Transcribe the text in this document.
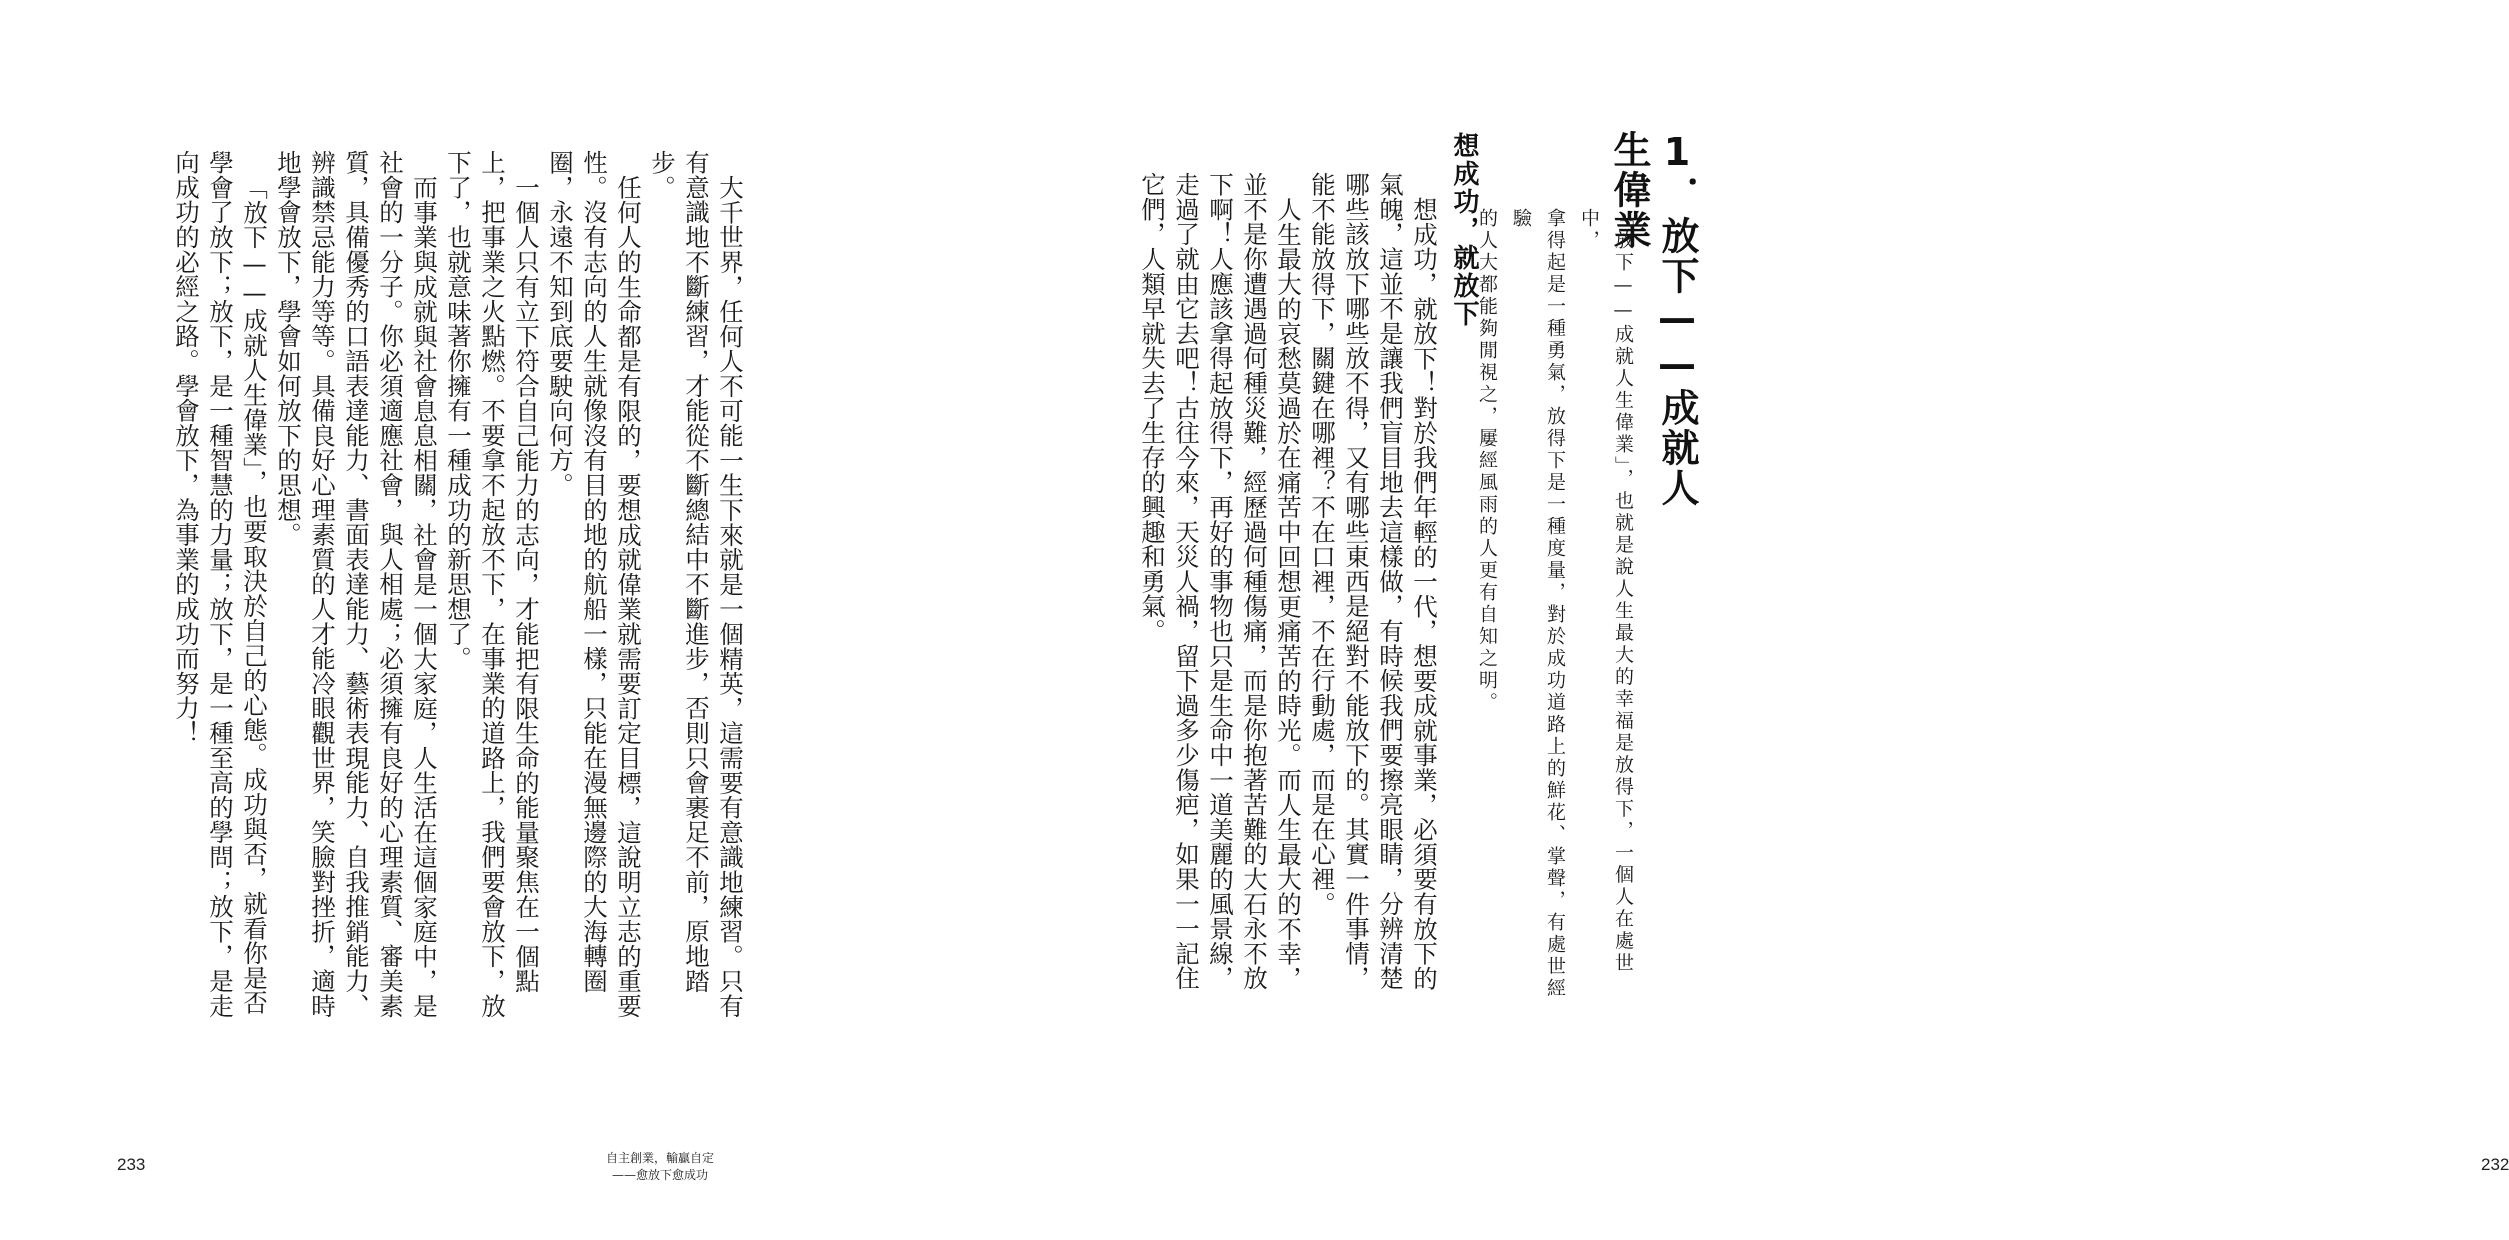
大千世界，任何人不可能一生下來就是一個精英，這需要有意識地練習。只有有意識地不斷練習，才能從不斷總結中不斷進步，否則只會裹足不前，原地踏步。

任何人的生命都是有限的，要想成就偉業就需要訂定目標，這說明立志的重要性。沒有志向的人生就像沒有目的地的航船一樣，只能在漫無邊際的大海轉圈圈，永遠不知到底要駛向何方。

一個人只有立下符合自己能力的志向，才能把有限生命的能量聚焦在一個點上，把事業之火點燃。不要拿不起放不下，在事業的道路上，我們要會放下，放下了，也就意味著你擁有一種成功的新思想了。

而事業與成就與社會息息相關，社會是一個大家庭，人生活在這個家庭中，是社會的一分子。你必須適應社會，與人相處；必須擁有良好的心理素質、審美素質，具備優秀的口語表達能力、書面表達能力、藝術表現能力、自我推銷能力、辨識禁忌能力等等。具備良好心理素質的人才能冷眼觀世界，笑臉對挫折，適時地學會放下，學會如何放下的思想。

「放下——成就人生偉業」，也要取決於自己的心態。成功與否，就看你是否學會了放下；放下，是一種智慧的力量；放下，是一種至高的學問；放下，是走向成功的必經之路。學會放下，為事業的成功而努力！

233	自主創業，輸贏自定
——愈放下愈成功
1．放下——成就人生偉業

「放下——成就人生偉業」，也就是說人生最大的幸福是放得下，一個人在處世中，

拿得起是一種勇氣，放得下是一種度量，對於成功道路上的鮮花、掌聲，有處世經驗

的人大都能夠閒視之，屢經風雨的人更有自知之明。

想成功，就放下

想成功，就放下！對於我們年輕的一代，想要成就事業，必須要有放下的氣魄，這並不是讓我們盲目地去這樣做，有時候我們要擦亮眼睛，分辨清楚哪些該放下哪些放不得，又有哪些東西是絕對不能放下的。其實一件事情，能不能放得下，關鍵在哪裡？不在口裡，不在行動處，而是在心裡。

人生最大的哀愁莫過於在痛苦中回想更痛苦的時光。而人生最大的不幸，並不是你遭遇過何種災難，經歷過何種傷痛，而是你抱著苦難的大石永不放下啊！人應該拿得起放得下，再好的事物也只是生命中一道美麗的風景線，走過了就由它去吧！古往今來，天災人禍，留下過多少傷疤，如果一一記住它們，人類早就失去了生存的興趣和勇氣。

232
